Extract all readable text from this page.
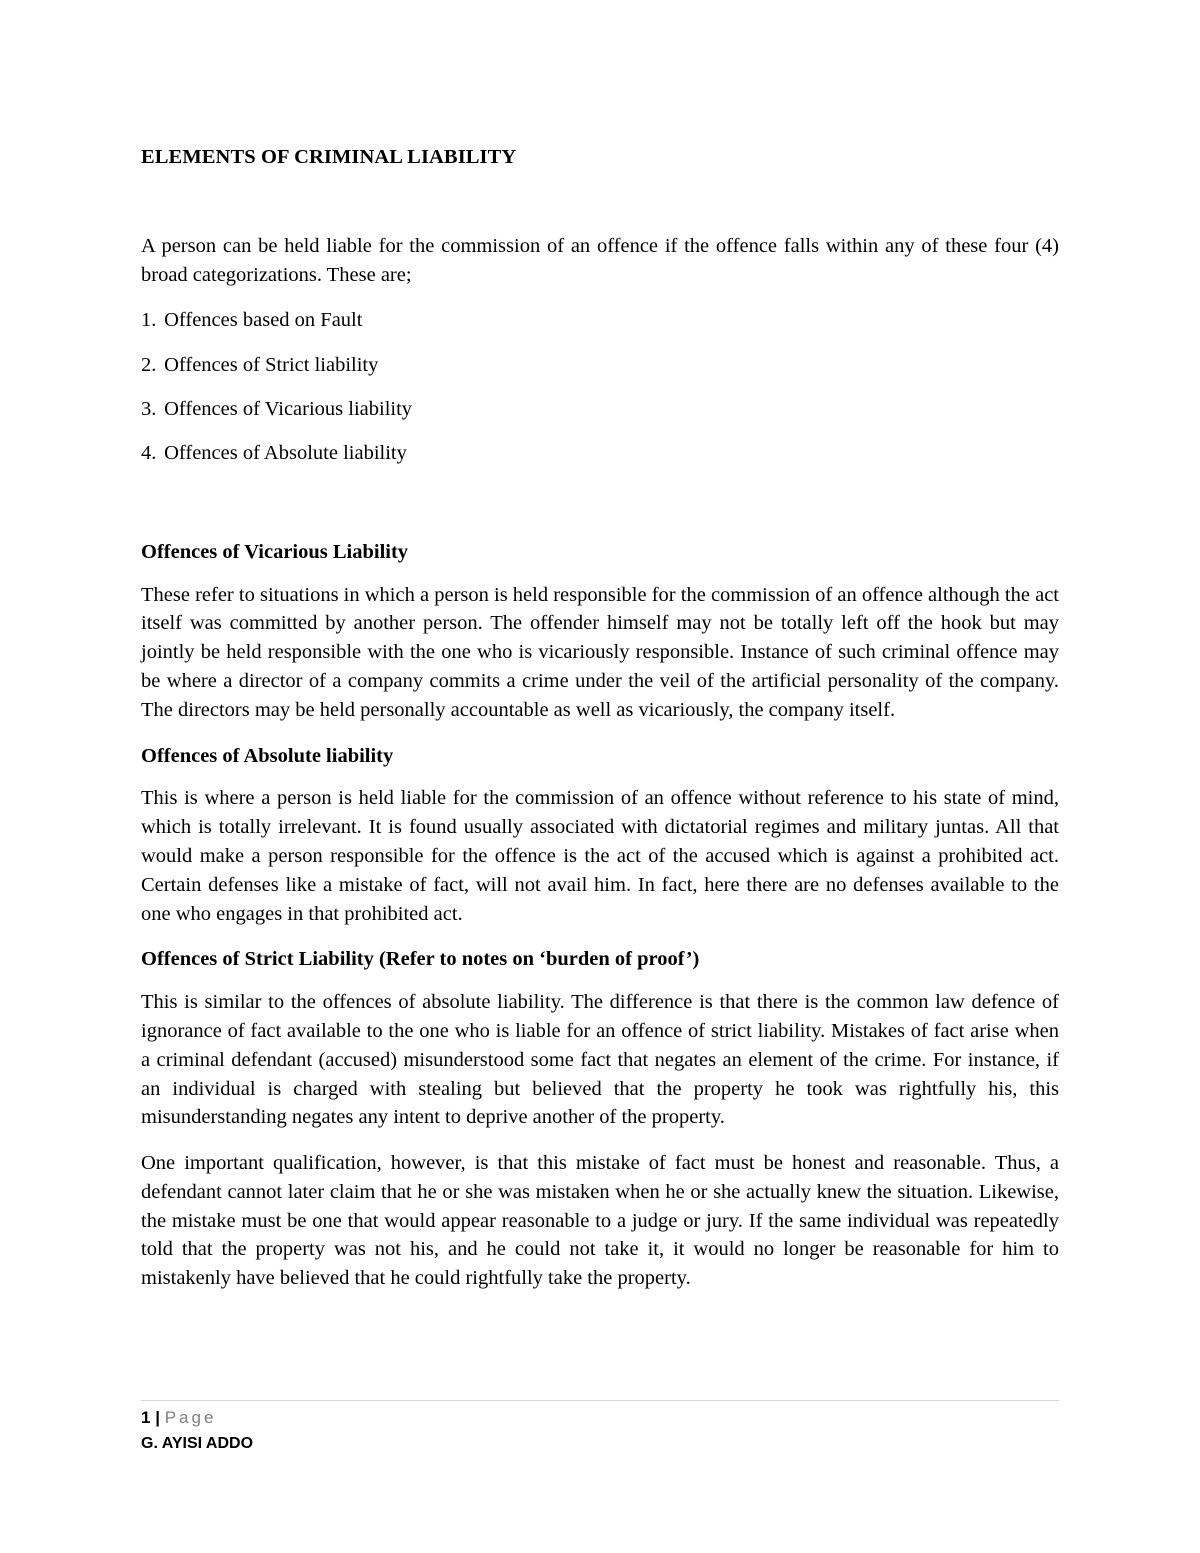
ELEMENTS OF CRIMINAL LIABILITY
A person can be held liable for the commission of an offence if the offence falls within any of these four (4) broad categorizations. These are;
1. Offences based on Fault
2. Offences of Strict liability
3. Offences of Vicarious liability
4. Offences of Absolute liability
Offences of Vicarious Liability
These refer to situations in which a person is held responsible for the commission of an offence although the act itself was committed by another person. The offender himself may not be totally left off the hook but may jointly be held responsible with the one who is vicariously responsible. Instance of such criminal offence may be where a director of a company commits a crime under the veil of the artificial personality of the company. The directors may be held personally accountable as well as vicariously, the company itself.
Offences of Absolute liability
This is where a person is held liable for the commission of an offence without reference to his state of mind, which is totally irrelevant. It is found usually associated with dictatorial regimes and military juntas. All that would make a person responsible for the offence is the act of the accused which is against a prohibited act. Certain defenses like a mistake of fact, will not avail him. In fact, here there are no defenses available to the one who engages in that prohibited act.
Offences of Strict Liability (Refer to notes on ‘burden of proof’)
This is similar to the offences of absolute liability. The difference is that there is the common law defence of ignorance of fact available to the one who is liable for an offence of strict liability. Mistakes of fact arise when a criminal defendant (accused) misunderstood some fact that negates an element of the crime. For instance, if an individual is charged with stealing but believed that the property he took was rightfully his, this misunderstanding negates any intent to deprive another of the property.
One important qualification, however, is that this mistake of fact must be honest and reasonable. Thus, a defendant cannot later claim that he or she was mistaken when he or she actually knew the situation. Likewise, the mistake must be one that would appear reasonable to a judge or jury. If the same individual was repeatedly told that the property was not his, and he could not take it, it would no longer be reasonable for him to mistakenly have believed that he could rightfully take the property.
1 | Page
G. AYISI ADDO
